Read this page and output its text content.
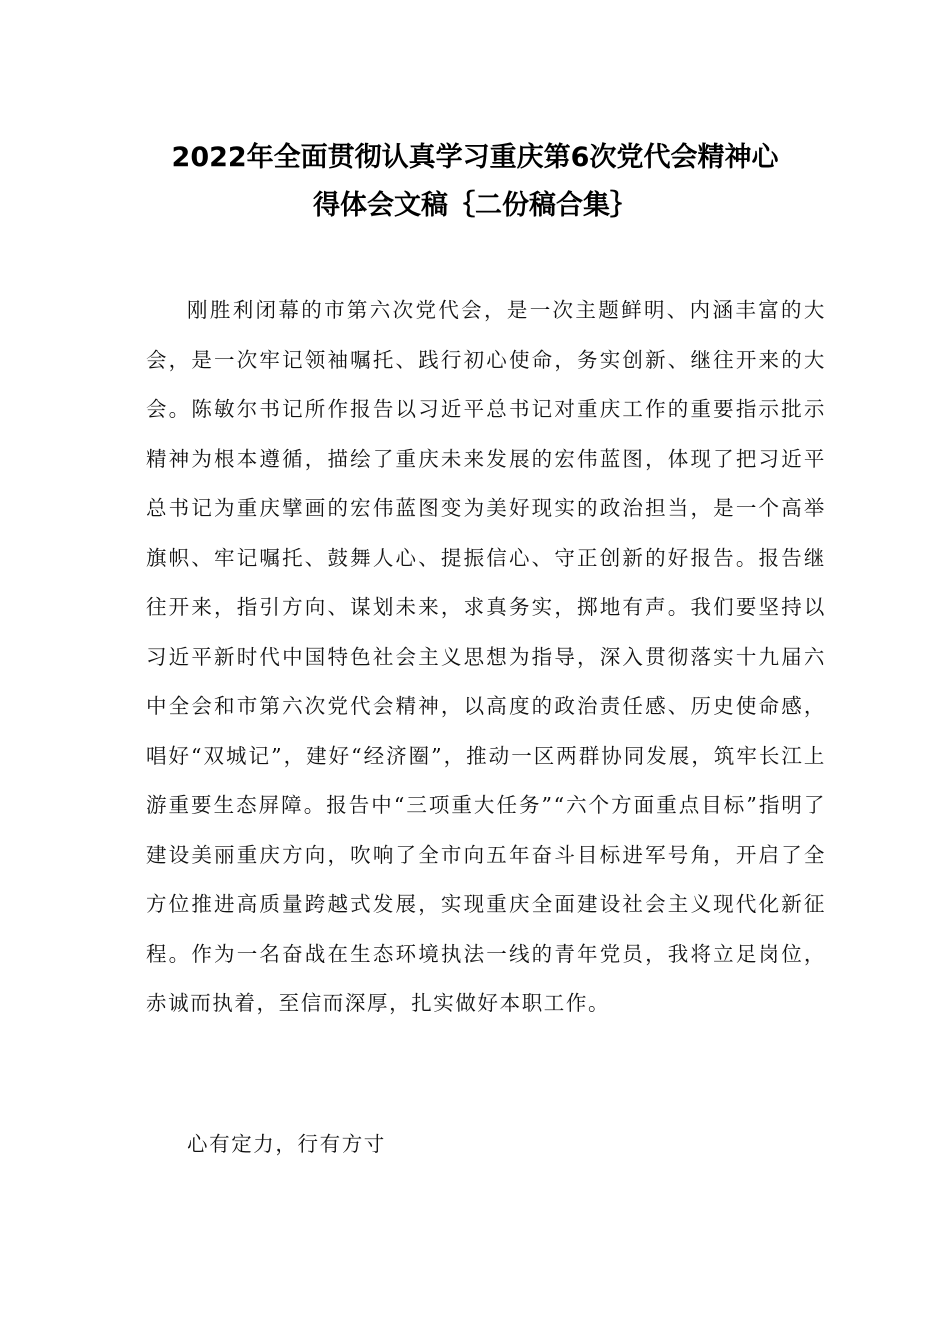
2022年全面贯彻认真学习重庆第6次党代会精神心
得体会文稿｛二份稿合集｝

刚胜利闭幕的市第六次党代会，是一次主题鲜明、内涵丰富的大会，是一次牢记领袖嘱托、践行初心使命，务实创新、继往开来的大会。陈敏尔书记所作报告以习近平总书记对重庆工作的重要指示批示精神为根本遵循，描绘了重庆未来发展的宏伟蓝图，体现了把习近平总书记为重庆擘画的宏伟蓝图变为美好现实的政治担当，是一个高举旗帜、牢记嘱托、鼓舞人心、提振信心、守正创新的好报告。报告继往开来，指引方向、谋划未来，求真务实，掷地有声。我们要坚持以习近平新时代中国特色社会主义思想为指导，深入贯彻落实十九届六中全会和市第六次党代会精神，以高度的政治责任感、历史使命感，唱好“双城记”，建好“经济圈”，推动一区两群协同发展，筑牢长江上游重要生态屏障。报告中“三项重大任务”“六个方面重点目标”指明了建设美丽重庆方向，吹响了全市向五年奋斗目标进军号角，开启了全方位推进高质量跨越式发展，实现重庆全面建设社会主义现代化新征程。作为一名奋战在生态环境执法一线的青年党员，我将立足岗位，赤诚而执着，至信而深厚，扎实做好本职工作。

心有定力，行有方寸
